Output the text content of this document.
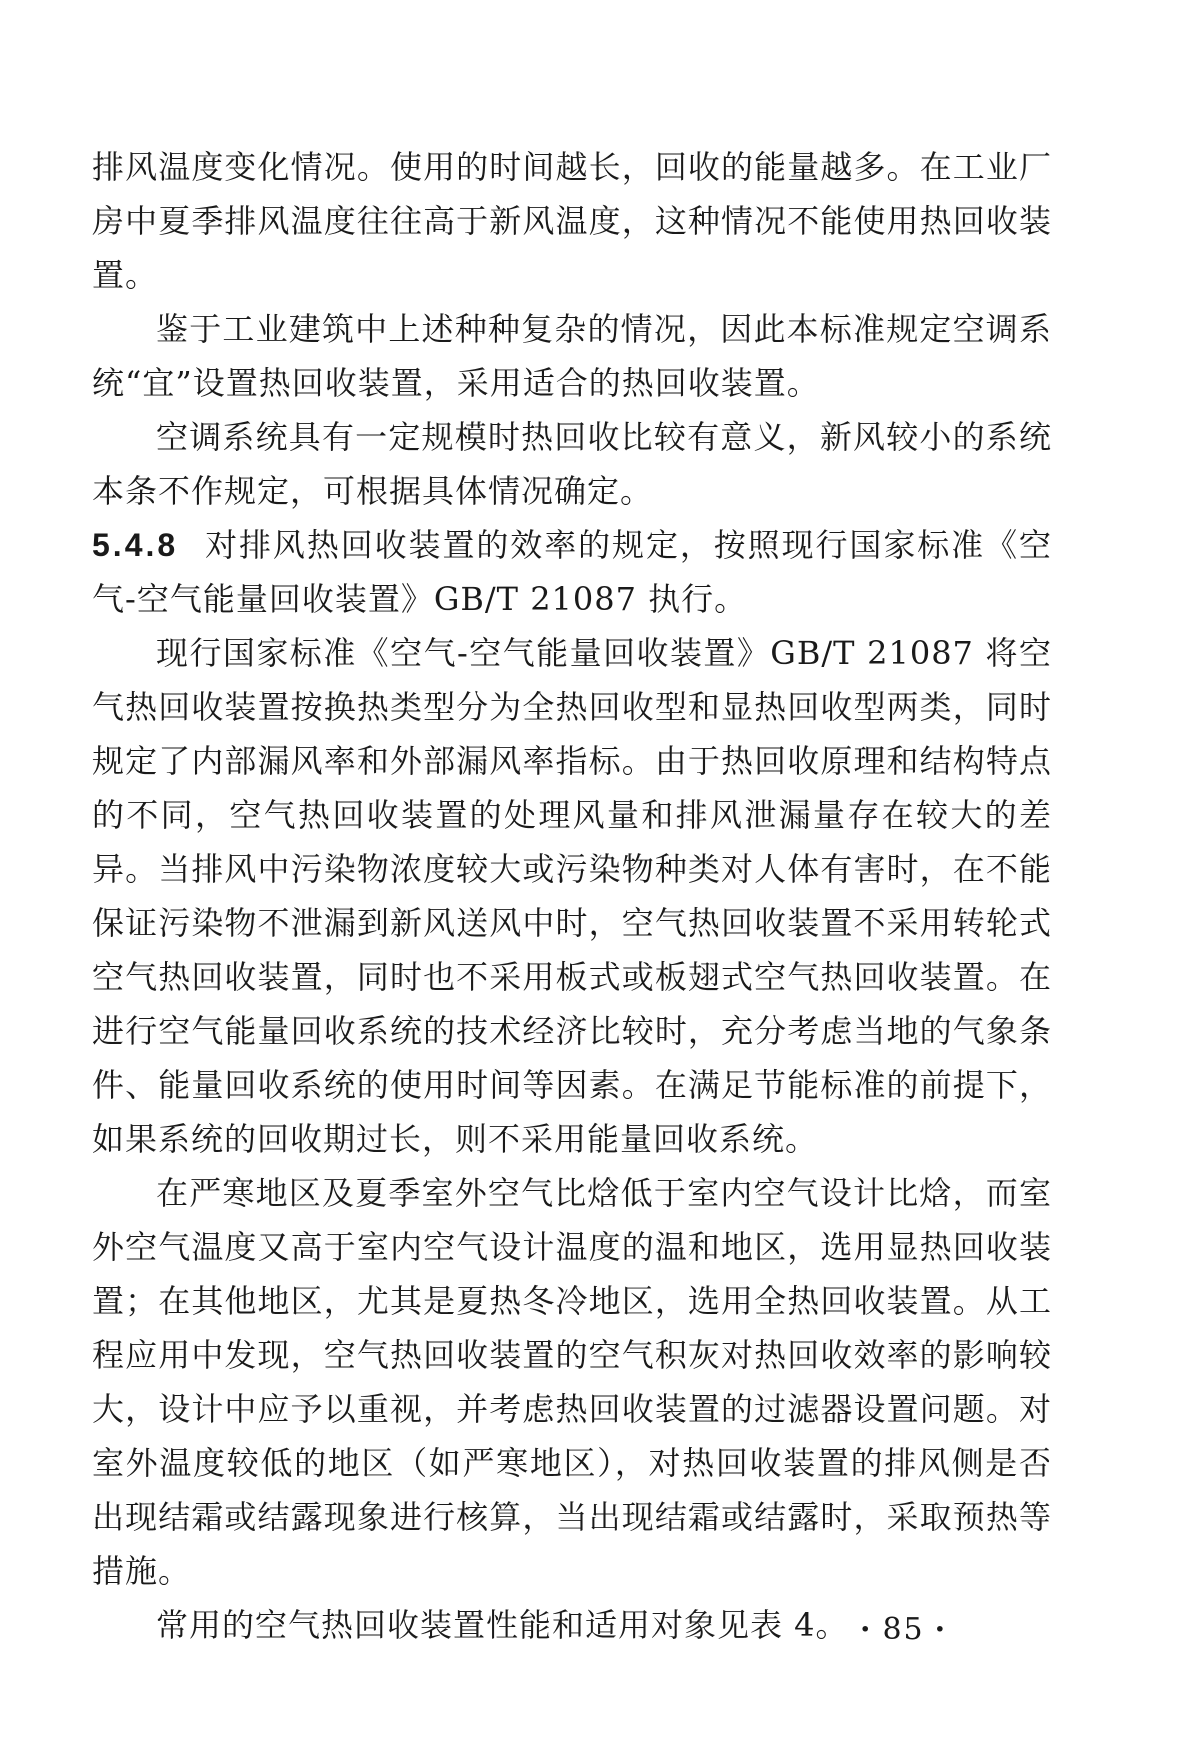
排风温度变化情况。使用的时间越长，回收的能量越多。在工业厂房中夏季排风温度往往高于新风温度，这种情况不能使用热回收装置。

鉴于工业建筑中上述种种复杂的情况，因此本标准规定空调系统“宜”设置热回收装置，采用适合的热回收装置。

空调系统具有一定规模时热回收比较有意义，新风较小的系统本条不作规定，可根据具体情况确定。

5.4.8 对排风热回收装置的效率的规定，按照现行国家标准《空气-空气能量回收装置》GB/T 21087 执行。

现行国家标准《空气-空气能量回收装置》GB/T 21087 将空气热回收装置按换热类型分为全热回收型和显热回收型两类，同时规定了内部漏风率和外部漏风率指标。由于热回收原理和结构特点的不同，空气热回收装置的处理风量和排风泄漏量存在较大的差异。当排风中污染物浓度较大或污染物种类对人体有害时，在不能保证污染物不泄漏到新风送风中时，空气热回收装置不采用转轮式空气热回收装置，同时也不采用板式或板翅式空气热回收装置。在进行空气能量回收系统的技术经济比较时，充分考虑当地的气象条件、能量回收系统的使用时间等因素。在满足节能标准的前提下，如果系统的回收期过长，则不采用能量回收系统。

在严寒地区及夏季室外空气比焓低于室内空气设计比焓，而室外空气温度又高于室内空气设计温度的温和地区，选用显热回收装置；在其他地区，尤其是夏热冬冷地区，选用全热回收装置。从工程应用中发现，空气热回收装置的空气积灰对热回收效率的影响较大，设计中应予以重视，并考虑热回收装置的过滤器设置问题。对室外温度较低的地区（如严寒地区），对热回收装置的排风侧是否出现结霜或结露现象进行核算，当出现结霜或结露时，采取预热等措施。

常用的空气热回收装置性能和适用对象见表 4。 · 85 ·
